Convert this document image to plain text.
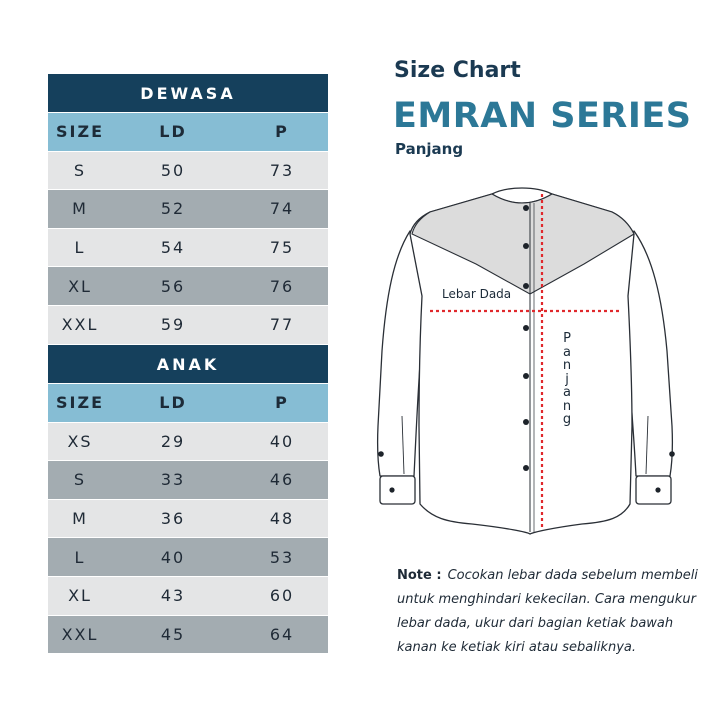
DEWASA
SIZE	LD	P
S	50	73
M	52	74
L	54	75
XL	56	76
XXL	59	77
ANAK
SIZE	LD	P
XS	29	40
S	33	46
M	36	48
L	40	53
XL	43	60
XXL	45	64
Size Chart
EMRAN SERIES
Panjang
Lebar Dada
P
a
n
j
a
n
g
Note : Cocokan lebar dada sebelum membeli untuk menghindari kekecilan. Cara mengukur lebar dada, ukur dari bagian ketiak bawah kanan ke ketiak kiri atau sebaliknya.
